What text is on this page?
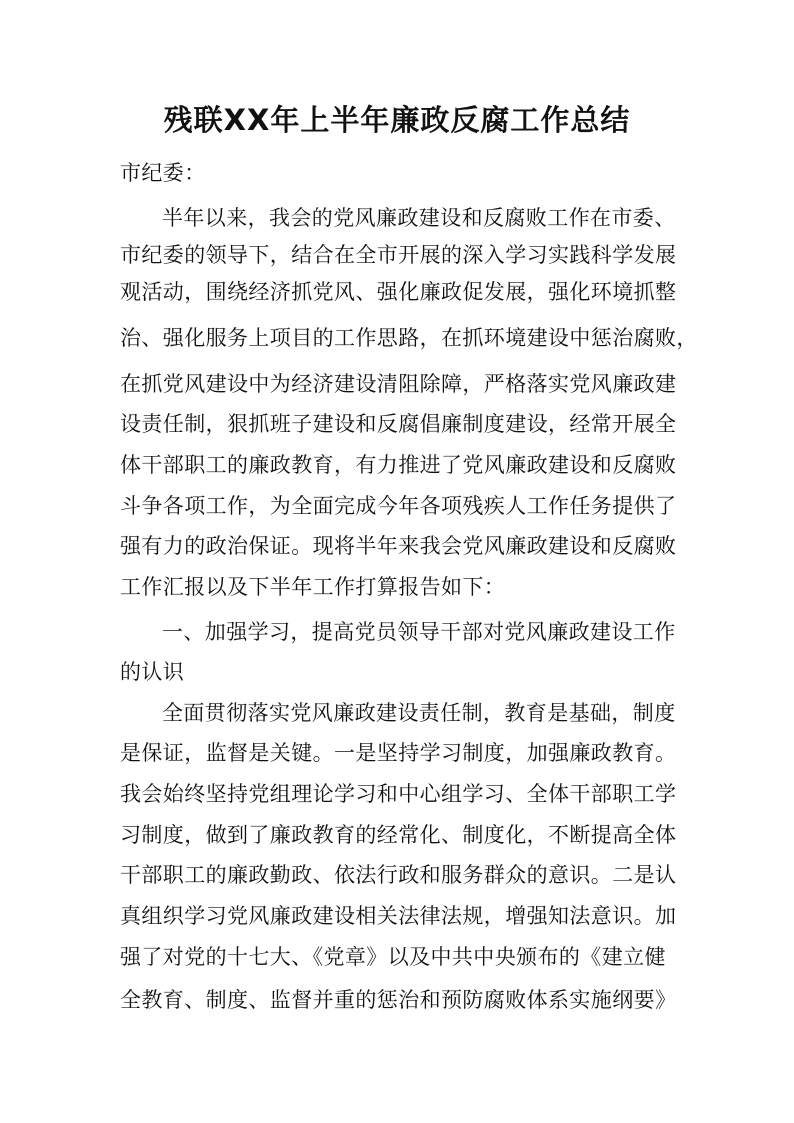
残联XX年上半年廉政反腐工作总结
市纪委：
半年以来，我会的党风廉政建设和反腐败工作在市委、
市纪委的领导下，结合在全市开展的深入学习实践科学发展
观活动，围绕经济抓党风、强化廉政促发展，强化环境抓整
治、强化服务上项目的工作思路，在抓环境建设中惩治腐败，
在抓党风建设中为经济建设清阻除障，严格落实党风廉政建
设责任制，狠抓班子建设和反腐倡廉制度建设，经常开展全
体干部职工的廉政教育，有力推进了党风廉政建设和反腐败
斗争各项工作，为全面完成今年各项残疾人工作任务提供了
强有力的政治保证。现将半年来我会党风廉政建设和反腐败
工作汇报以及下半年工作打算报告如下：
一、加强学习，提高党员领导干部对党风廉政建设工作
的认识
全面贯彻落实党风廉政建设责任制，教育是基础，制度
是保证，监督是关键。一是坚持学习制度，加强廉政教育。
我会始终坚持党组理论学习和中心组学习、全体干部职工学
习制度，做到了廉政教育的经常化、制度化，不断提高全体
干部职工的廉政勤政、依法行政和服务群众的意识。二是认
真组织学习党风廉政建设相关法律法规，增强知法意识。加
强了对党的十七大、《党章》以及中共中央颁布的《建立健
全教育、制度、监督并重的惩治和预防腐败体系实施纲要》
